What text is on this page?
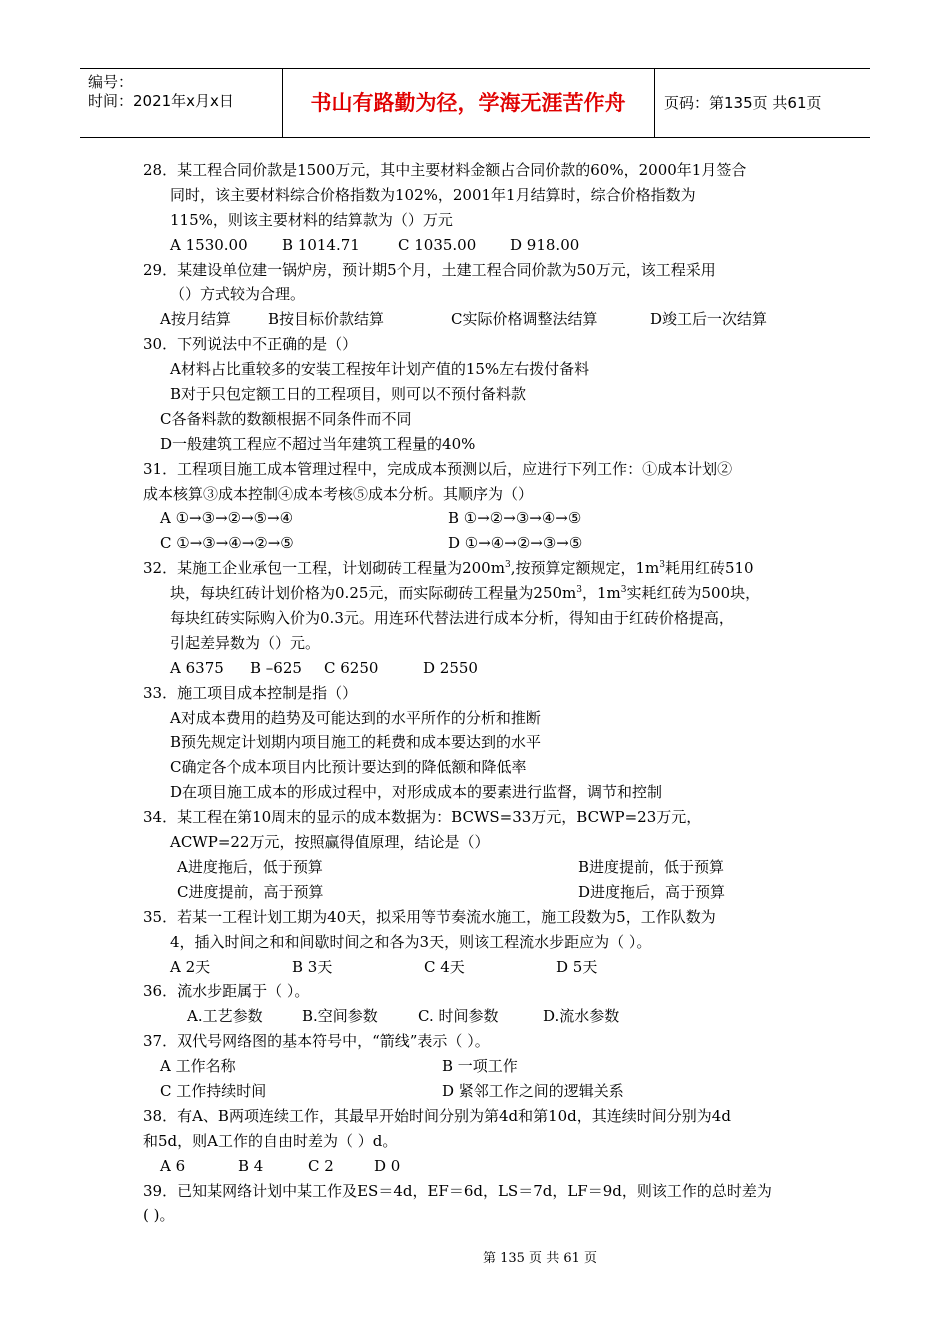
编号：
时间：2021年x月x日	书山有路勤为径，学海无涯苦作舟	页码：第135页 共61页
28．某工程合同价款是1500万元，其中主要材料金额占合同价款的60%，2000年1月签合
同时，该主要材料综合价格指数为102%，2001年1月结算时，综合价格指数为
115%，则该主要材料的结算款为（）万元
A 1530.00 B 1014.71	C 1035.00 D 918.00
29．某建设单位建一锅炉房，预计期5个月，土建工程合同价款为50万元，该工程采用
（）方式较为合理。
A按月结算 B按目标价款结算	C实际价格调整法结算	D竣工后一次结算
30．下列说法中不正确的是（）
A材料占比重较多的安装工程按年计划产值的15%左右拨付备料
B对于只包定额工日的工程项目，则可以不预付备料款
C各备料款的数额根据不同条件而不同
D一般建筑工程应不超过当年建筑工程量的40%
31．工程项目施工成本管理过程中，完成成本预测以后，应进行下列工作：①成本计划②
成本核算③成本控制④成本考核⑤成本分析。其顺序为（）
A ①→③→②→⑤→④	B ①→②→③→④→⑤
C ①→③→④→②→⑤	D ①→④→②→③→⑤
32．某施工企业承包一工程，计划砌砖工程量为$200m^3$,按预算定额规定，$1m^3$耗用红砖510
块，每块红砖计划价格为0.25元，而实际砌砖工程量为$250m^3$，$1m^3$实耗红砖为500块，
每块红砖实际购入价为0.3元。用连环代替法进行成本分析，得知由于红砖价格提高，
引起差异数为（）元。
A 6375 B –625 C 6250	D 2550
33．施工项目成本控制是指（）
A对成本费用的趋势及可能达到的水平所作的分析和推断
B预先规定计划期内项目施工的耗费和成本要达到的水平
C确定各个成本项目内比预计要达到的降低额和降低率
D在项目施工成本的形成过程中，对形成成本的要素进行监督，调节和控制
34．某工程在第10周末的显示的成本数据为：BCWS=33万元，BCWP=23万元，
ACWP=22万元，按照赢得值原理，结论是（）
A进度拖后，低于预算	B进度提前，低于预算
C进度提前，高于预算	D进度拖后，高于预算
35．若某一工程计划工期为40天，拟采用等节奏流水施工，施工段数为5，工作队数为
4，插入时间之和和间歇时间之和各为3天，则该工程流水步距应为（ ）。
A 2天	B 3天	C 4天	D 5天
36．流水步距属于（ ）。
A.工艺参数	B.空间参数	C. 时间参数	D.流水参数
37．双代号网络图的基本符号中，“箭线”表示（ ）。
A 工作名称	B 一项工作
C 工作持续时间	D 紧邻工作之间的逻辑关系
38．有A、B两项连续工作，其最早开始时间分别为第4d和第10d，其连续时间分别为4d
和5d，则A工作的自由时差为（ ）d。
A 6	B 4	C 2	D 0
39．已知某网络计划中某工作及ES＝4d，EF＝6d，LS＝7d，LF＝9d，则该工作的总时差为
( )。
第 135 页 共 61 页
